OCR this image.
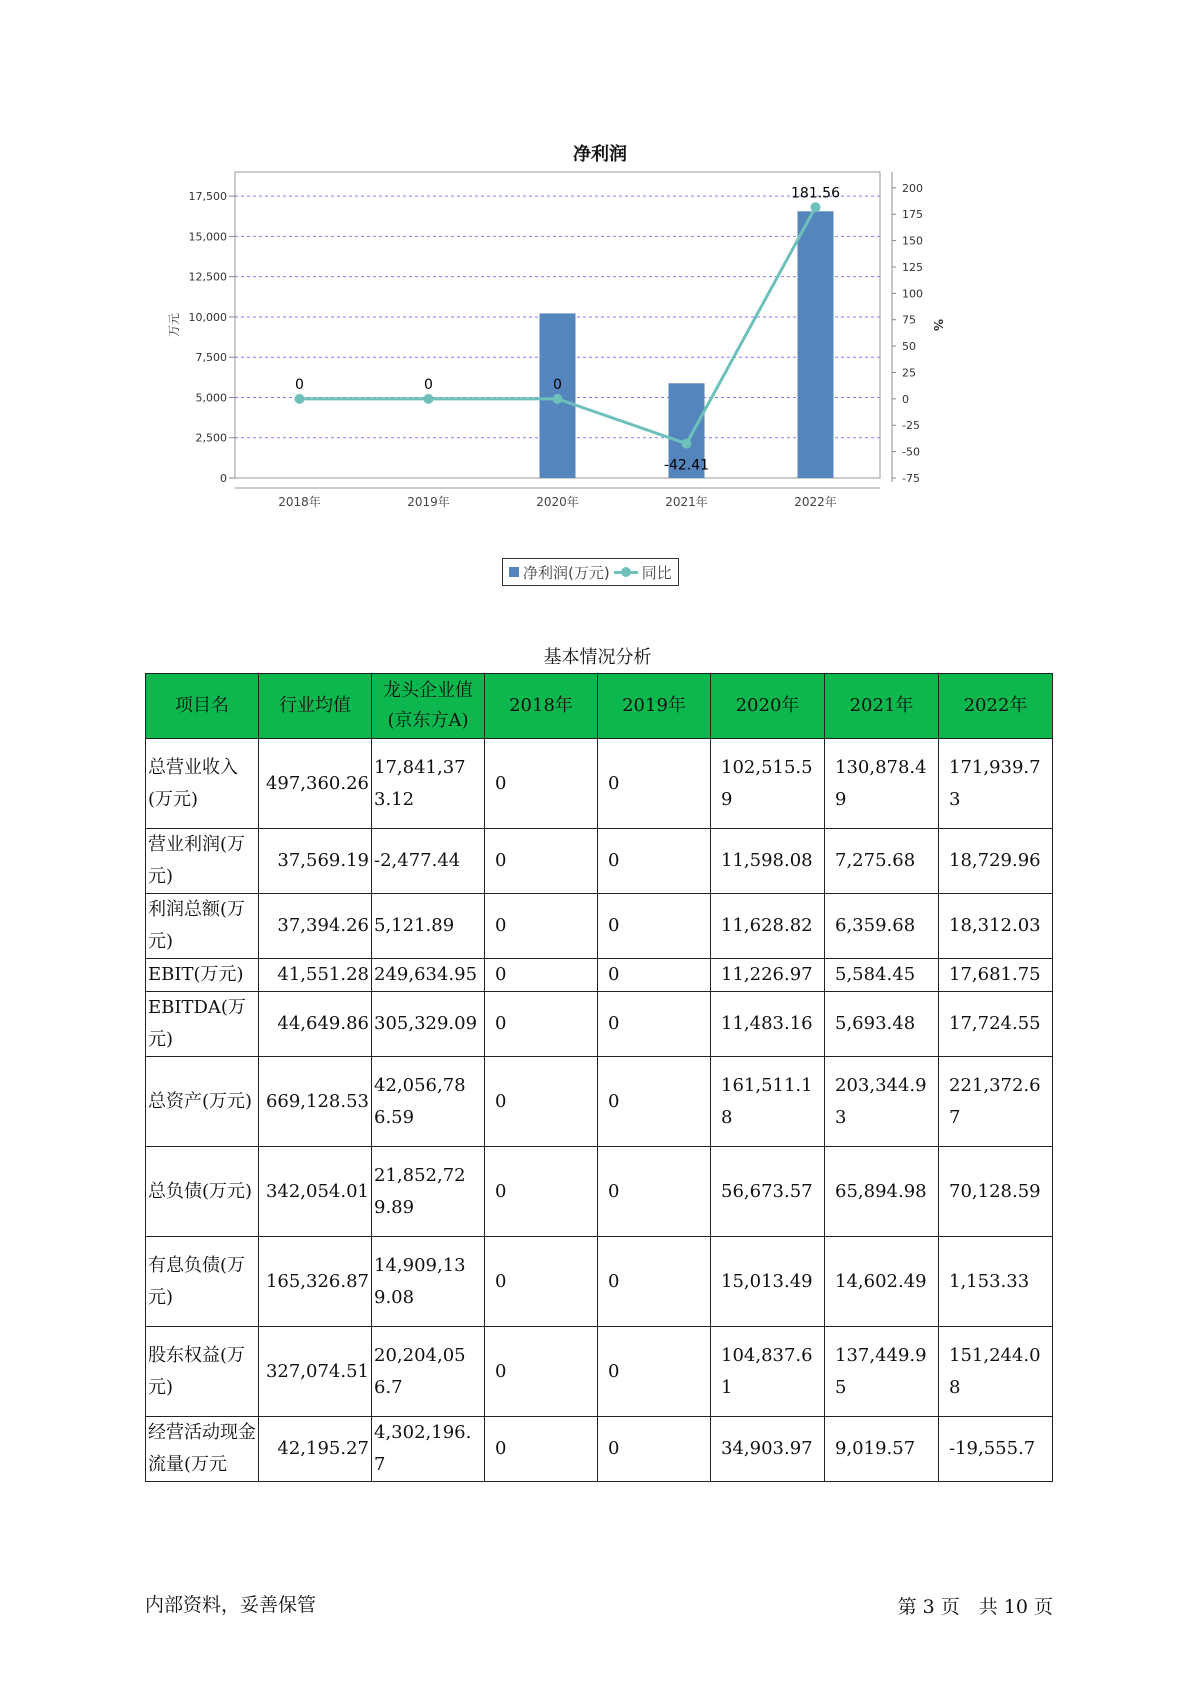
净利润
0
2,500
5,000
7,500
10,000
12,500
15,000
17,500
万元
-75
-50
-25
0
25
50
75
100
125
150
175
200
%
2018年	2019年	2020年	2021年	2022年
0	0	0
-42.41
181.56
净利润(万元) 同比
基本情况分析
项目名	行业均值	龙头企业值(京东方A)	2018年	2019年	2020年	2021年	2022年
总营业收入(万元)	497,360.26	17,841,373.12	0	0	102,515.59	130,878.49	171,939.73
营业利润(万元)	37,569.19	-2,477.44	0	0	11,598.08	7,275.68	18,729.96
利润总额(万元)	37,394.26	5,121.89	0	0	11,628.82	6,359.68	18,312.03
EBIT(万元)	41,551.28	249,634.95	0	0	11,226.97	5,584.45	17,681.75
EBITDA(万元)	44,649.86	305,329.09	0	0	11,483.16	5,693.48	17,724.55
总资产(万元)	669,128.53	42,056,786.59	0	0	161,511.18	203,344.93	221,372.67
总负债(万元)	342,054.01	21,852,729.89	0	0	56,673.57	65,894.98	70,128.59
有息负债(万元)	165,326.87	14,909,139.08	0	0	15,013.49	14,602.49	1,153.33
股东权益(万元)	327,074.51	20,204,056.7	0	0	104,837.61	137,449.95	151,244.08
经营活动现金流量(万元	42,195.27	4,302,196.7	0	0	34,903.97	9,019.57	-19,555.7
内部资料，妥善保管	第 3 页　共 10 页
